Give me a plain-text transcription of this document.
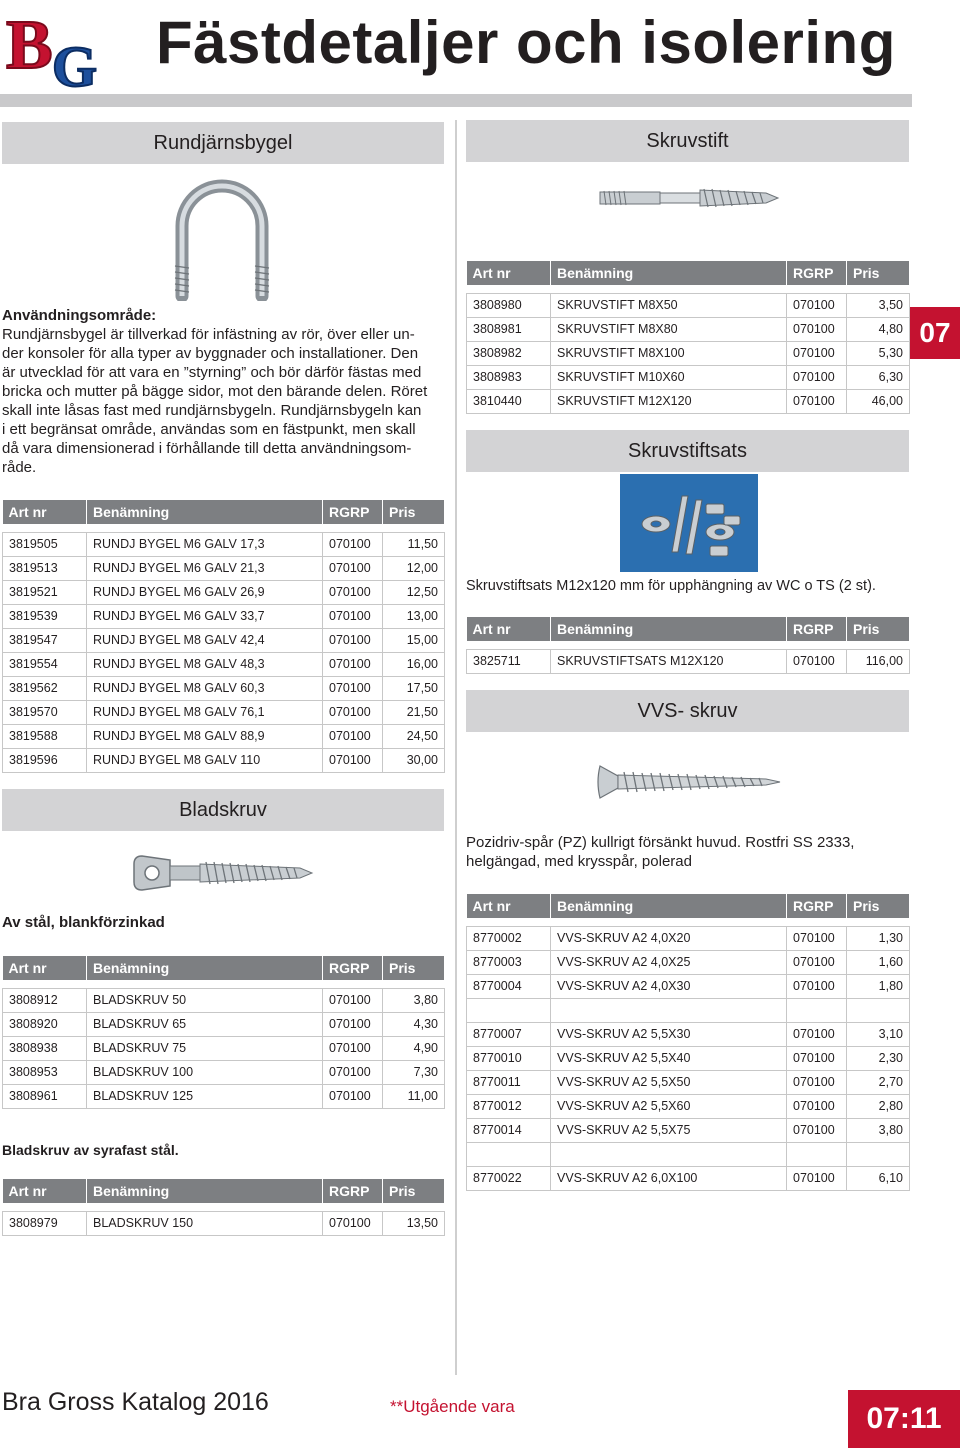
B G Fästdetaljer och isolering
Rundjärnsbygel
Användningsområde:
Rundjärnsbygel är tillverkad för infästning av rör, över eller un-
der konsoler för alla typer av byggnader och installationer. Den
är utvecklad för att vara en ”styrning” och bör därför fästas med
bricka och mutter på bägge sidor, mot den bärande delen. Röret
skall inte låsas fast med rundjärnsbygeln. Rundjärnsbygeln kan
i ett begränsat område, användas som en fästpunkt, men skall
då vara dimensionerad i förhållande till detta användningsom-
råde.
Art nr	Benämning	RGRP	Pris

3819505	RUNDJ BYGEL M6 GALV 17,3	070100	11,50
3819513	RUNDJ BYGEL M6 GALV 21,3	070100	12,00
3819521	RUNDJ BYGEL M6 GALV 26,9	070100	12,50
3819539	RUNDJ BYGEL M6 GALV 33,7	070100	13,00
3819547	RUNDJ BYGEL M8 GALV 42,4	070100	15,00
3819554	RUNDJ BYGEL M8 GALV 48,3	070100	16,00
3819562	RUNDJ BYGEL M8 GALV 60,3	070100	17,50
3819570	RUNDJ BYGEL M8 GALV 76,1	070100	21,50
3819588	RUNDJ BYGEL M8 GALV 88,9	070100	24,50
3819596	RUNDJ BYGEL M8 GALV 110	070100	30,00
Bladskruv
Av stål, blankförzinkad
Art nr	Benämning	RGRP	Pris

3808912	BLADSKRUV 50	070100	3,80
3808920	BLADSKRUV 65	070100	4,30
3808938	BLADSKRUV 75	070100	4,90
3808953	BLADSKRUV 100	070100	7,30
3808961	BLADSKRUV 125	070100	11,00
Bladskruv av syrafast stål.
Art nr	Benämning	RGRP	Pris

3808979	BLADSKRUV 150	070100	13,50
Skruvstift
Art nr	Benämning	RGRP	Pris

3808980	SKRUVSTIFT M8X50	070100	3,50
3808981	SKRUVSTIFT M8X80	070100	4,80
3808982	SKRUVSTIFT M8X100	070100	5,30
3808983	SKRUVSTIFT M10X60	070100	6,30
3810440	SKRUVSTIFT M12X120	070100	46,00
07
Skruvstiftsats
Skruvstiftsats M12x120 mm för upphängning av WC o TS (2 st).
Art nr	Benämning	RGRP	Pris

3825711	SKRUVSTIFTSATS M12X120	070100	116,00
VVS- skruv
Pozidriv-spår (PZ) kullrigt försänkt huvud. Rostfri SS 2333,
helgängad, med krysspår, polerad
Art nr	Benämning	RGRP	Pris

8770002	VVS-SKRUV A2 4,0X20	070100	1,30
8770003	VVS-SKRUV A2 4,0X25	070100	1,60
8770004	VVS-SKRUV A2 4,0X30	070100	1,80

8770007	VVS-SKRUV A2 5,5X30	070100	3,10
8770010	VVS-SKRUV A2 5,5X40	070100	2,30
8770011	VVS-SKRUV A2 5,5X50	070100	2,70
8770012	VVS-SKRUV A2 5,5X60	070100	2,80
8770014	VVS-SKRUV A2 5,5X75	070100	3,80

8770022	VVS-SKRUV A2 6,0X100	070100	6,10
Bra Gross Katalog 2016	**Utgående vara	07:11
